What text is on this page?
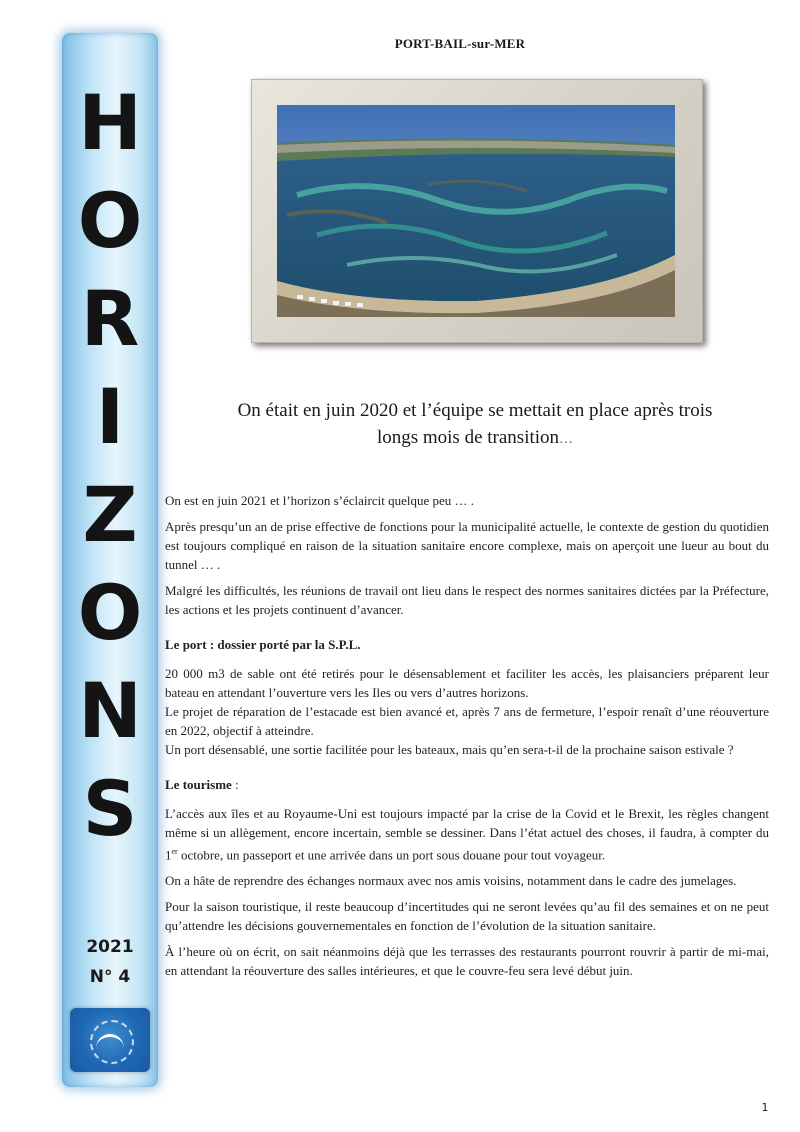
H
O
R
I
Z
O
N
S
2021
N° 4
PORT-BAIL-sur-MER
On était en juin 2020 et l’équipe se mettait en place après trois
longs mois de transition…

On est en juin 2021 et l’horizon s’éclaircit quelque peu … .

Après presqu’un an de prise effective de fonctions pour la municipalité actuelle, le contexte de gestion du quotidien est toujours compliqué en raison de la situation sanitaire encore complexe, mais on aperçoit une lueur au bout du tunnel … .

Malgré les difficultés, les réunions de travail ont lieu dans le respect des normes sanitaires dictées par la Préfecture, les actions et les projets continuent d’avancer.

Le port : dossier porté par la S.P.L.

20 000 m3 de sable ont été retirés pour le désensablement et faciliter les accès, les plaisanciers préparent leur bateau en attendant l’ouverture vers les Iles ou vers d’autres horizons.

Le projet de réparation de l’estacade est bien avancé et, après 7 ans de fermeture, l’espoir renaît d’une réouverture en 2022, objectif à atteindre.

Un port désensablé, une sortie facilitée pour les bateaux, mais qu’en sera-t-il de la prochaine saison estivale ?

Le tourisme :

L’accès aux îles et au Royaume-Uni est toujours impacté par la crise de la Covid et le Brexit, les règles changent même si un allègement, encore incertain, semble se dessiner. Dans l’état actuel des choses, il faudra, à compter du 1er octobre, un passeport et une arrivée dans un port sous douane pour tout voyageur.

On a hâte de reprendre des échanges normaux avec nos amis voisins, notamment dans le cadre des jumelages.

Pour la saison touristique, il reste beaucoup d’incertitudes qui ne seront levées qu’au fil des semaines et on ne peut qu’attendre les décisions gouvernementales en fonction de l’évolution de la situation sanitaire.

À l’heure où on écrit, on sait néanmoins déjà que les terrasses des restaurants pourront rouvrir à partir de mi-mai, en attendant la réouverture des salles intérieures, et que le couvre-feu sera levé début juin.

1
